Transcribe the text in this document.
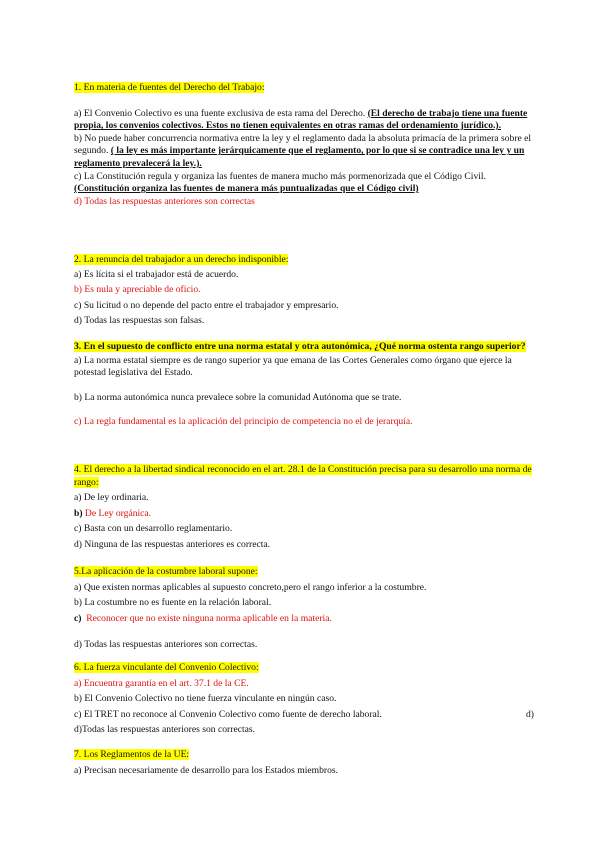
1. En materia de fuentes del Derecho del Trabajo:

a) El Convenio Colectivo es una fuente exclusiva de esta rama del Derecho. (El derecho de trabajo tiene una fuente propia, los convenios colectivos. Estos no tienen equivalentes en otras ramas del ordenamiento jurídico.).

b) No puede haber concurrencia normativa entre la ley y el reglamento dada la absoluta primacía de la primera sobre el segundo. ( la ley es más importante jerárquicamente que el reglamento, por lo que si se contradice una ley y un reglamento prevalecerá la ley.).

c) La Constitución regula y organiza las fuentes de manera mucho más pormenorizada que el Código Civil. (Constitución organiza las fuentes de manera más puntualizadas que el Código civil)

d) Todas las respuestas anteriores son correctas

2. La renuncia del trabajador a un derecho indisponible:

a) Es lícita si el trabajador está de acuerdo.

b) Es nula y apreciable de oficio.

c) Su licitud o no depende del pacto entre el trabajador y empresario.

d) Todas las respuestas son falsas.

3. En el supuesto de conflicto entre una norma estatal y otra autonómica, ¿Qué norma ostenta rango superior?

a) La norma estatal siempre es de rango superior ya que emana de las Cortes Generales como órgano que ejerce la potestad legislativa del Estado.

b) La norma autonómica nunca prevalece sobre la comunidad Autónoma que se trate.

c) La regla fundamental es la aplicación del principio de competencia no el de jerarquía.

4. El derecho a la libertad sindical reconocido en el art. 28.1 de la Constitución precisa para su desarrollo una norma de rango:

a) De ley ordinaria.

b) De Ley orgánica.

c) Basta con un desarrollo reglamentario.

d) Ninguna de las respuestas anteriores es correcta.

5.La aplicación de la costumbre laboral supone:

a) Que existen normas aplicables al supuesto concreto,pero el rango inferior a la costumbre.

b) La costumbre no es fuente en la relación laboral.

c)  Reconocer que no existe ninguna norma aplicable en la materia.

d) Todas las respuestas anteriores son correctas.

6. La fuerza vinculante del Convenio Colectivo:

a) Encuentra garantía en el art. 37.1 de la CE.

b) El Convenio Colectivo no tiene fuerza vinculante en ningún caso.

c) El TRET no reconoce al Convenio Colectivo como fuente de derecho laboral.	d)

d)Todas las respuestas anteriores son correctas.

7. Los Reglamentos de la UE:

a) Precisan necesariamente de desarrollo para los Estados miembros.
